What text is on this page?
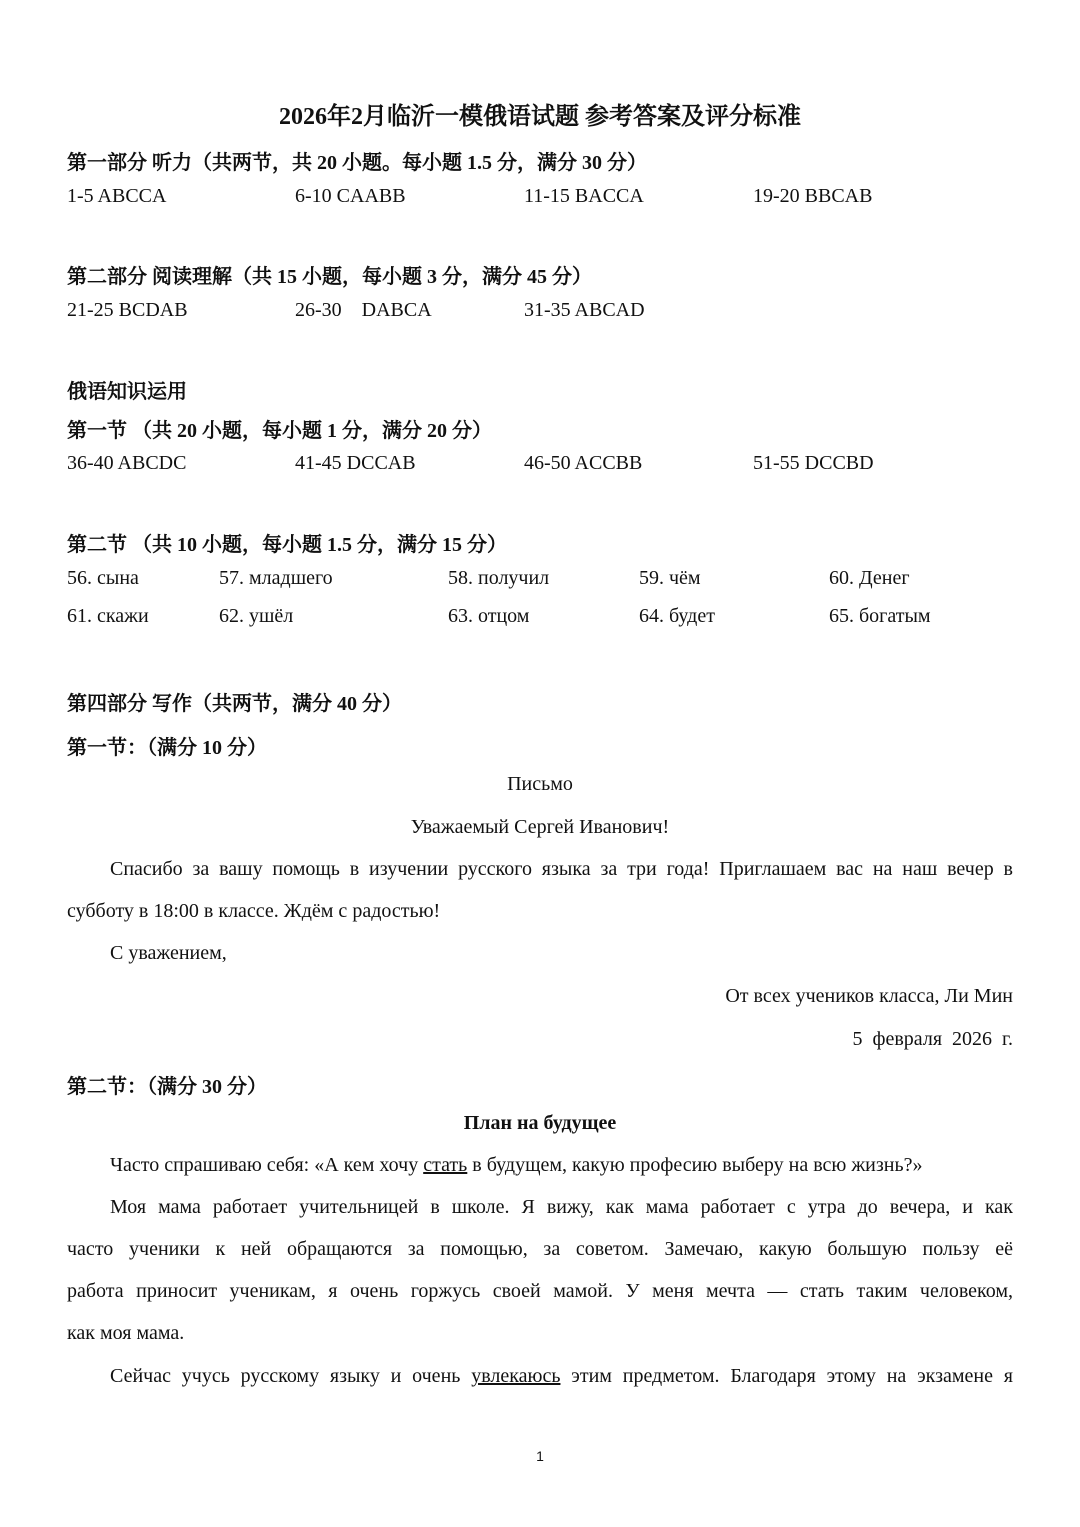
2026年2月临沂一模俄语试题 参考答案及评分标准
第一部分 听力（共两节，共 20 小题。每小题 1.5 分，满分 30 分）
1-5 ABCCA	6-10 CAABB	11-15 BACCA	19-20 BBCAB
第二部分 阅读理解（共 15 小题，每小题 3 分，满分 45 分）
21-25 BCDAB	26-30    DABCA	31-35 ABCAD
俄语知识运用
第一节 （共 20 小题，每小题 1 分，满分 20 分）
36-40 ABCDC	41-45 DCCAB	46-50 ACCBB	51-55 DCCBD
第二节 （共 10 小题，每小题 1.5 分，满分 15 分）
56. сына	57. младшего	58. получил	59. чём	60. Денег
61. скажи	62. ушёл	63. отцом	64. будет	65. богатым
第四部分 写作（共两节，满分 40 分）
第一节：（满分 10 分）
Письмо
Уважаемый Сергей Иванович!
Спасибо за вашу помощь в изучении русского языка за три года! Приглашаем вас на наш вечер в
субботу в 18:00 в классе. Ждём с радостью!
С уважением,
От всех учеников класса, Ли Мин
5  февраля  2026  г.
第二节：（满分 30 分）
План на будущее
Часто спрашиваю себя: «А кем хочу стать в будущем, какую професию выберу на всю жизнь?»
Моя мама работает учительницей в школе. Я вижу, как мама работает с утра до вечера, и как
часто ученики к ней обращаются за помощью, за советом. Замечаю, какую большую пользу её
работа приносит ученикам, я очень горжусь своей мамой. У меня мечта — стать таким человеком,
как моя мама.
Сейчас учусь русскому языку и очень увлекаюсь этим предметом. Благодаря этому на экзамене я
1
